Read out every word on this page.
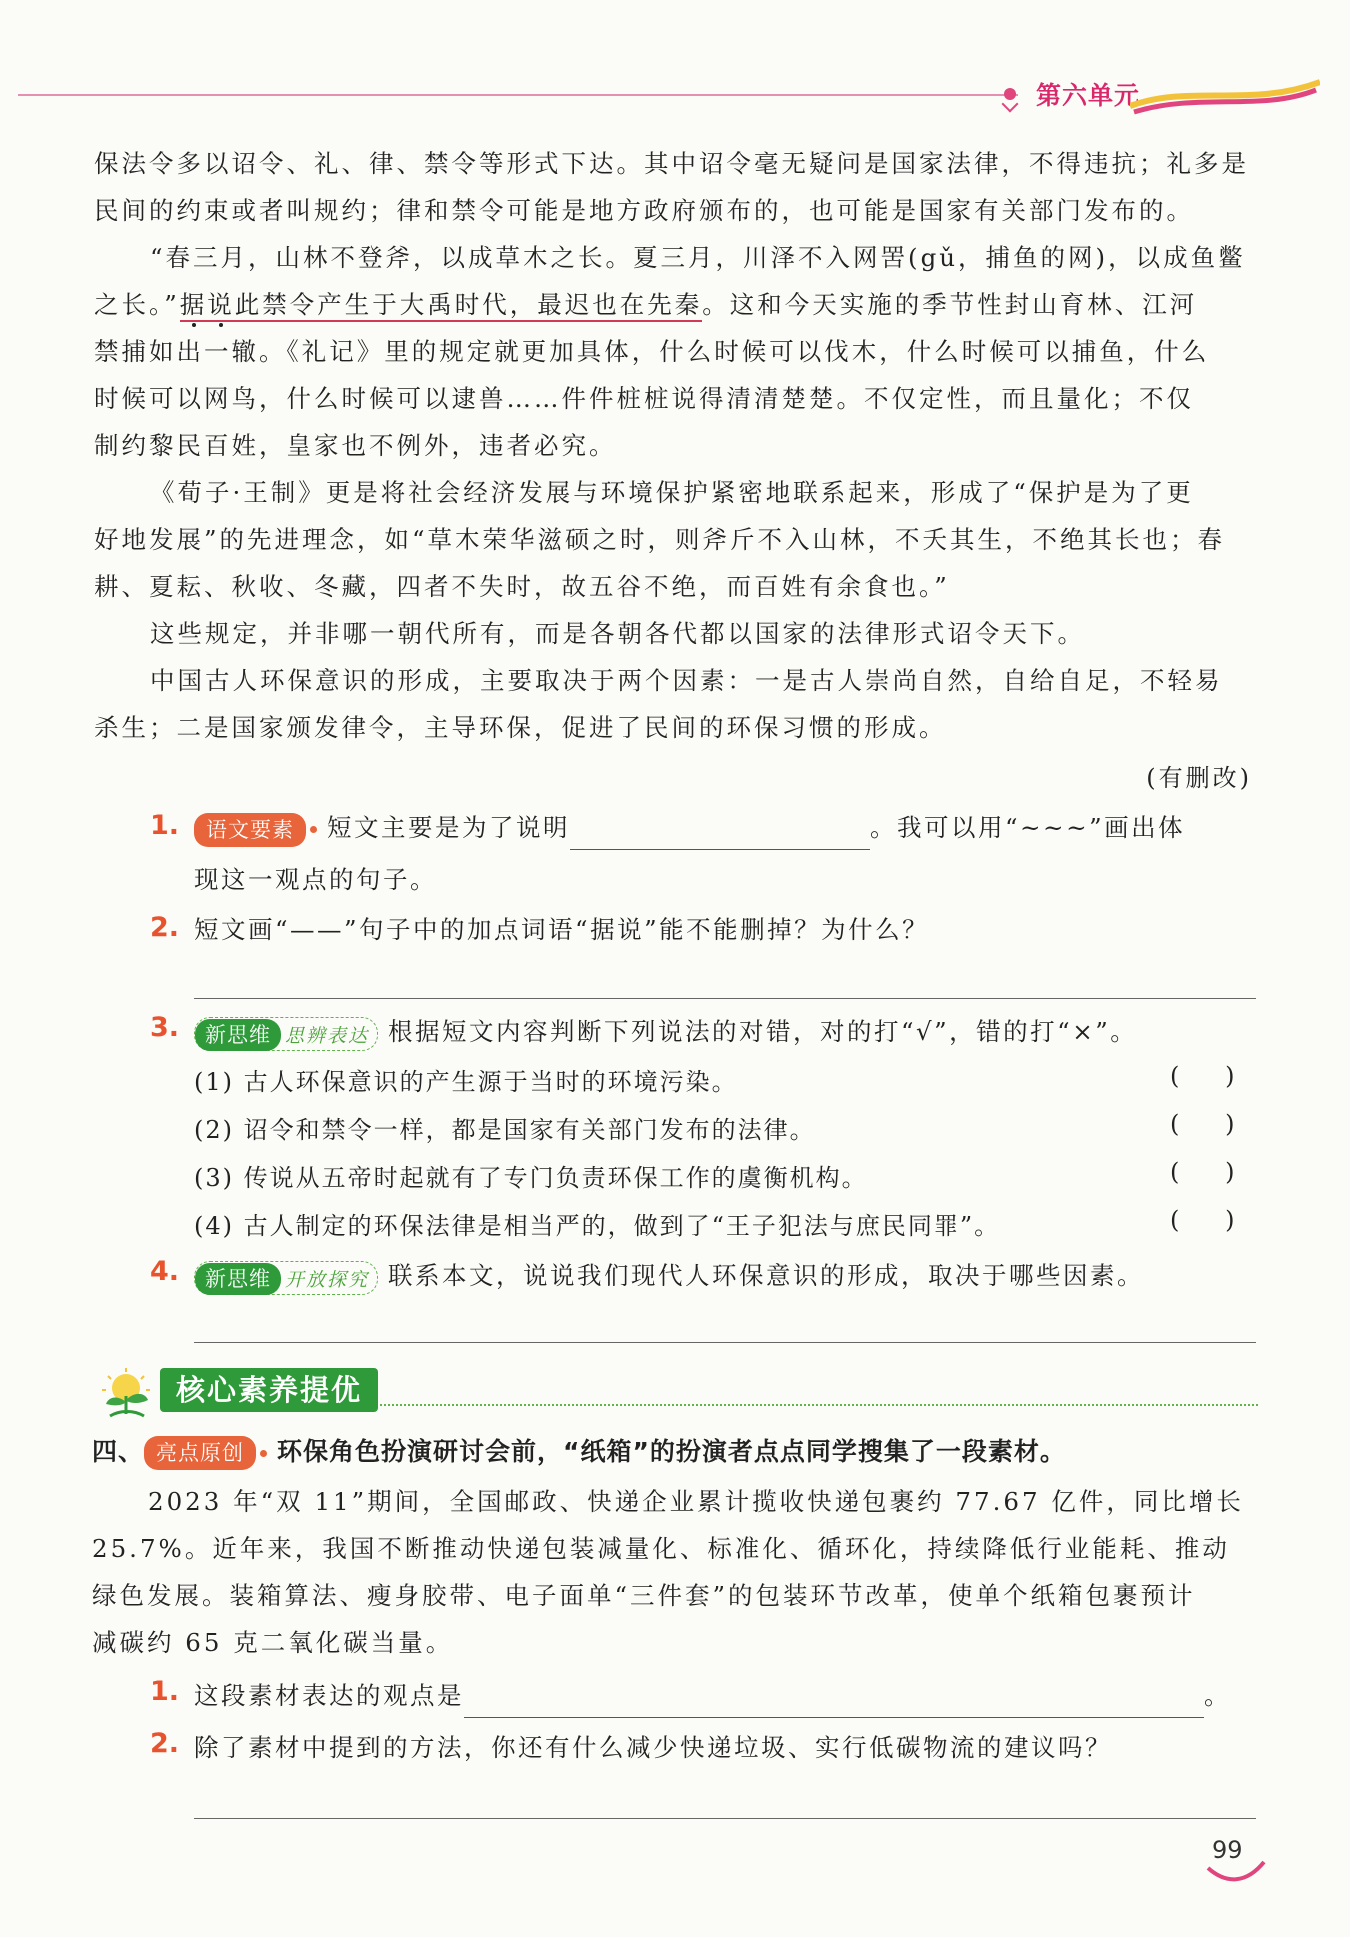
第六单元

保法令多以诏令、礼、律、禁令等形式下达。其中诏令毫无疑问是国家法律，不得违抗；礼多是

民间的约束或者叫规约；律和禁令可能是地方政府颁布的，也可能是国家有关部门发布的。

“春三月，山林不登斧，以成草木之长。夏三月，川泽不入网罟(gǔ，捕鱼的网)，以成鱼鳖

之长。”据说此禁令产生于大禹时代，最迟也在先秦。这和今天实施的季节性封山育林、江河

禁捕如出一辙。《礼记》里的规定就更加具体，什么时候可以伐木，什么时候可以捕鱼，什么

时候可以网鸟，什么时候可以逮兽……件件桩桩说得清清楚楚。不仅定性，而且量化；不仅

制约黎民百姓，皇家也不例外，违者必究。

《荀子·王制》更是将社会经济发展与环境保护紧密地联系起来，形成了“保护是为了更

好地发展”的先进理念，如“草木荣华滋硕之时，则斧斤不入山林，不夭其生，不绝其长也；春

耕、夏耘、秋收、冬藏，四者不失时，故五谷不绝，而百姓有余食也。”

这些规定，并非哪一朝代所有，而是各朝各代都以国家的法律形式诏令天下。

中国古人环保意识的形成，主要取决于两个因素：一是古人崇尚自然，自给自足，不轻易

杀生；二是国家颁发律令，主导环保，促进了民间的环保习惯的形成。

(有删改)
1.	语文要素 短文主要是为了说明	。我可以用“~~~”画出体
现这一观点的句子。
2. 短文画“——”句子中的加点词语“据说”能不能删掉？为什么？
3.	新思维 思辨表达 根据短文内容判断下列说法的对错，对的打“√”，错的打“×”。
(1) 古人环保意识的产生源于当时的环境污染。	(      )
(2) 诏令和禁令一样，都是国家有关部门发布的法律。	(      )
(3) 传说从五帝时起就有了专门负责环保工作的虞衡机构。	(      )
(4) 古人制定的环保法律是相当严的，做到了“王子犯法与庶民同罪”。	(      )
4.	新思维 开放探究 联系本文，说说我们现代人环保意识的形成，取决于哪些因素。
核心素养提优
四、 亮点原创 环保角色扮演研讨会前，“纸箱”的扮演者点点同学搜集了一段素材。

2023 年“双 11”期间，全国邮政、快递企业累计揽收快递包裹约 77.67 亿件，同比增长

25.7%。近年来，我国不断推动快递包装减量化、标准化、循环化，持续降低行业能耗、推动

绿色发展。装箱算法、瘦身胶带、电子面单“三件套”的包装环节改革，使单个纸箱包裹预计

减碳约 65 克二氧化碳当量。

1. 这段素材表达的观点是	。
2. 除了素材中提到的方法，你还有什么减少快递垃圾、实行低碳物流的建议吗？
99
